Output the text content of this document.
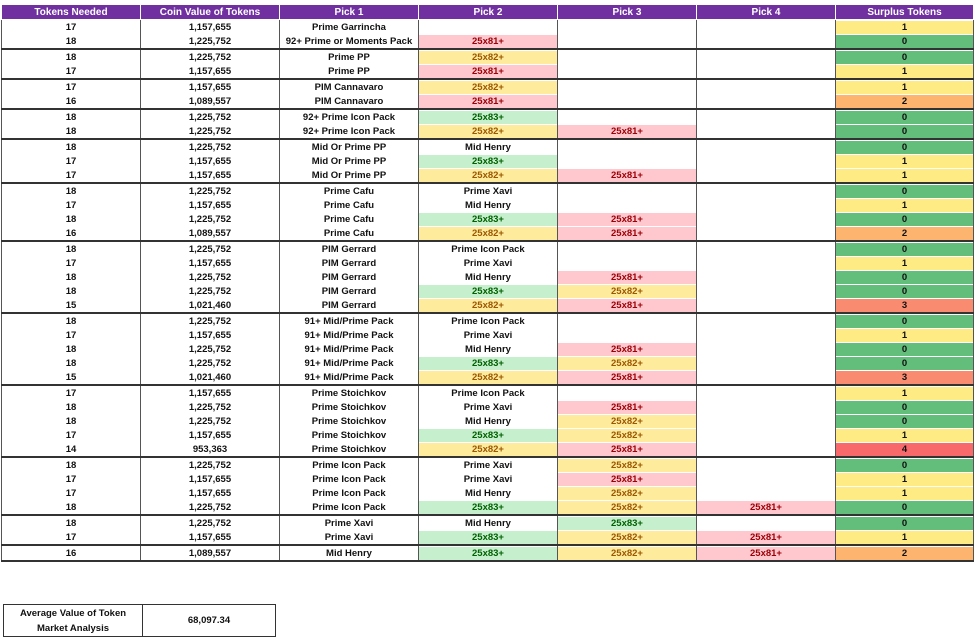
Tokens Needed	Coin Value of Tokens	Pick 1	Pick 2	Pick 3	Pick 4	Surplus Tokens
17	1,157,655	Prime Garrincha				1

18	1,225,752	92+ Prime or Moments Pack	25x81+			0

18	1,225,752	Prime PP	25x82+			0

17	1,157,655	Prime PP	25x81+			1

17	1,157,655	PIM Cannavaro	25x82+			1

16	1,089,557	PIM Cannavaro	25x81+			2

18	1,225,752	92+ Prime Icon Pack	25x83+			0

18	1,225,752	92+ Prime Icon Pack	25x82+	25x81+		0

18	1,225,752	Mid Or Prime PP	Mid Henry			0

17	1,157,655	Mid Or Prime PP	25x83+			1

17	1,157,655	Mid Or Prime PP	25x82+	25x81+		1

18	1,225,752	Prime Cafu	Prime Xavi			0

17	1,157,655	Prime Cafu	Mid Henry			1

18	1,225,752	Prime Cafu	25x83+	25x81+		0

16	1,089,557	Prime Cafu	25x82+	25x81+		2

18	1,225,752	PIM Gerrard	Prime Icon Pack			0

17	1,157,655	PIM Gerrard	Prime Xavi			1

18	1,225,752	PIM Gerrard	Mid Henry	25x81+		0

18	1,225,752	PIM Gerrard	25x83+	25x82+		0

15	1,021,460	PIM Gerrard	25x82+	25x81+		3

18	1,225,752	91+ Mid/Prime Pack	Prime Icon Pack			0

17	1,157,655	91+ Mid/Prime Pack	Prime Xavi			1

18	1,225,752	91+ Mid/Prime Pack	Mid Henry	25x81+		0

18	1,225,752	91+ Mid/Prime Pack	25x83+	25x82+		0

15	1,021,460	91+ Mid/Prime Pack	25x82+	25x81+		3

17	1,157,655	Prime Stoichkov	Prime Icon Pack			1

18	1,225,752	Prime Stoichkov	Prime Xavi	25x81+		0

18	1,225,752	Prime Stoichkov	Mid Henry	25x82+		0

17	1,157,655	Prime Stoichkov	25x83+	25x82+		1

14	953,363	Prime Stoichkov	25x82+	25x81+		4

18	1,225,752	Prime Icon Pack	Prime Xavi	25x82+		0

17	1,157,655	Prime Icon Pack	Prime Xavi	25x81+		1

17	1,157,655	Prime Icon Pack	Mid Henry	25x82+		1

18	1,225,752	Prime Icon Pack	25x83+	25x82+	25x81+	0

18	1,225,752	Prime Xavi	Mid Henry	25x83+		0

17	1,157,655	Prime Xavi	25x83+	25x82+	25x81+	1

16	1,089,557	Mid Henry	25x83+	25x82+	25x81+	2
Average Value of Token
Market Analysis
	68,097.34
